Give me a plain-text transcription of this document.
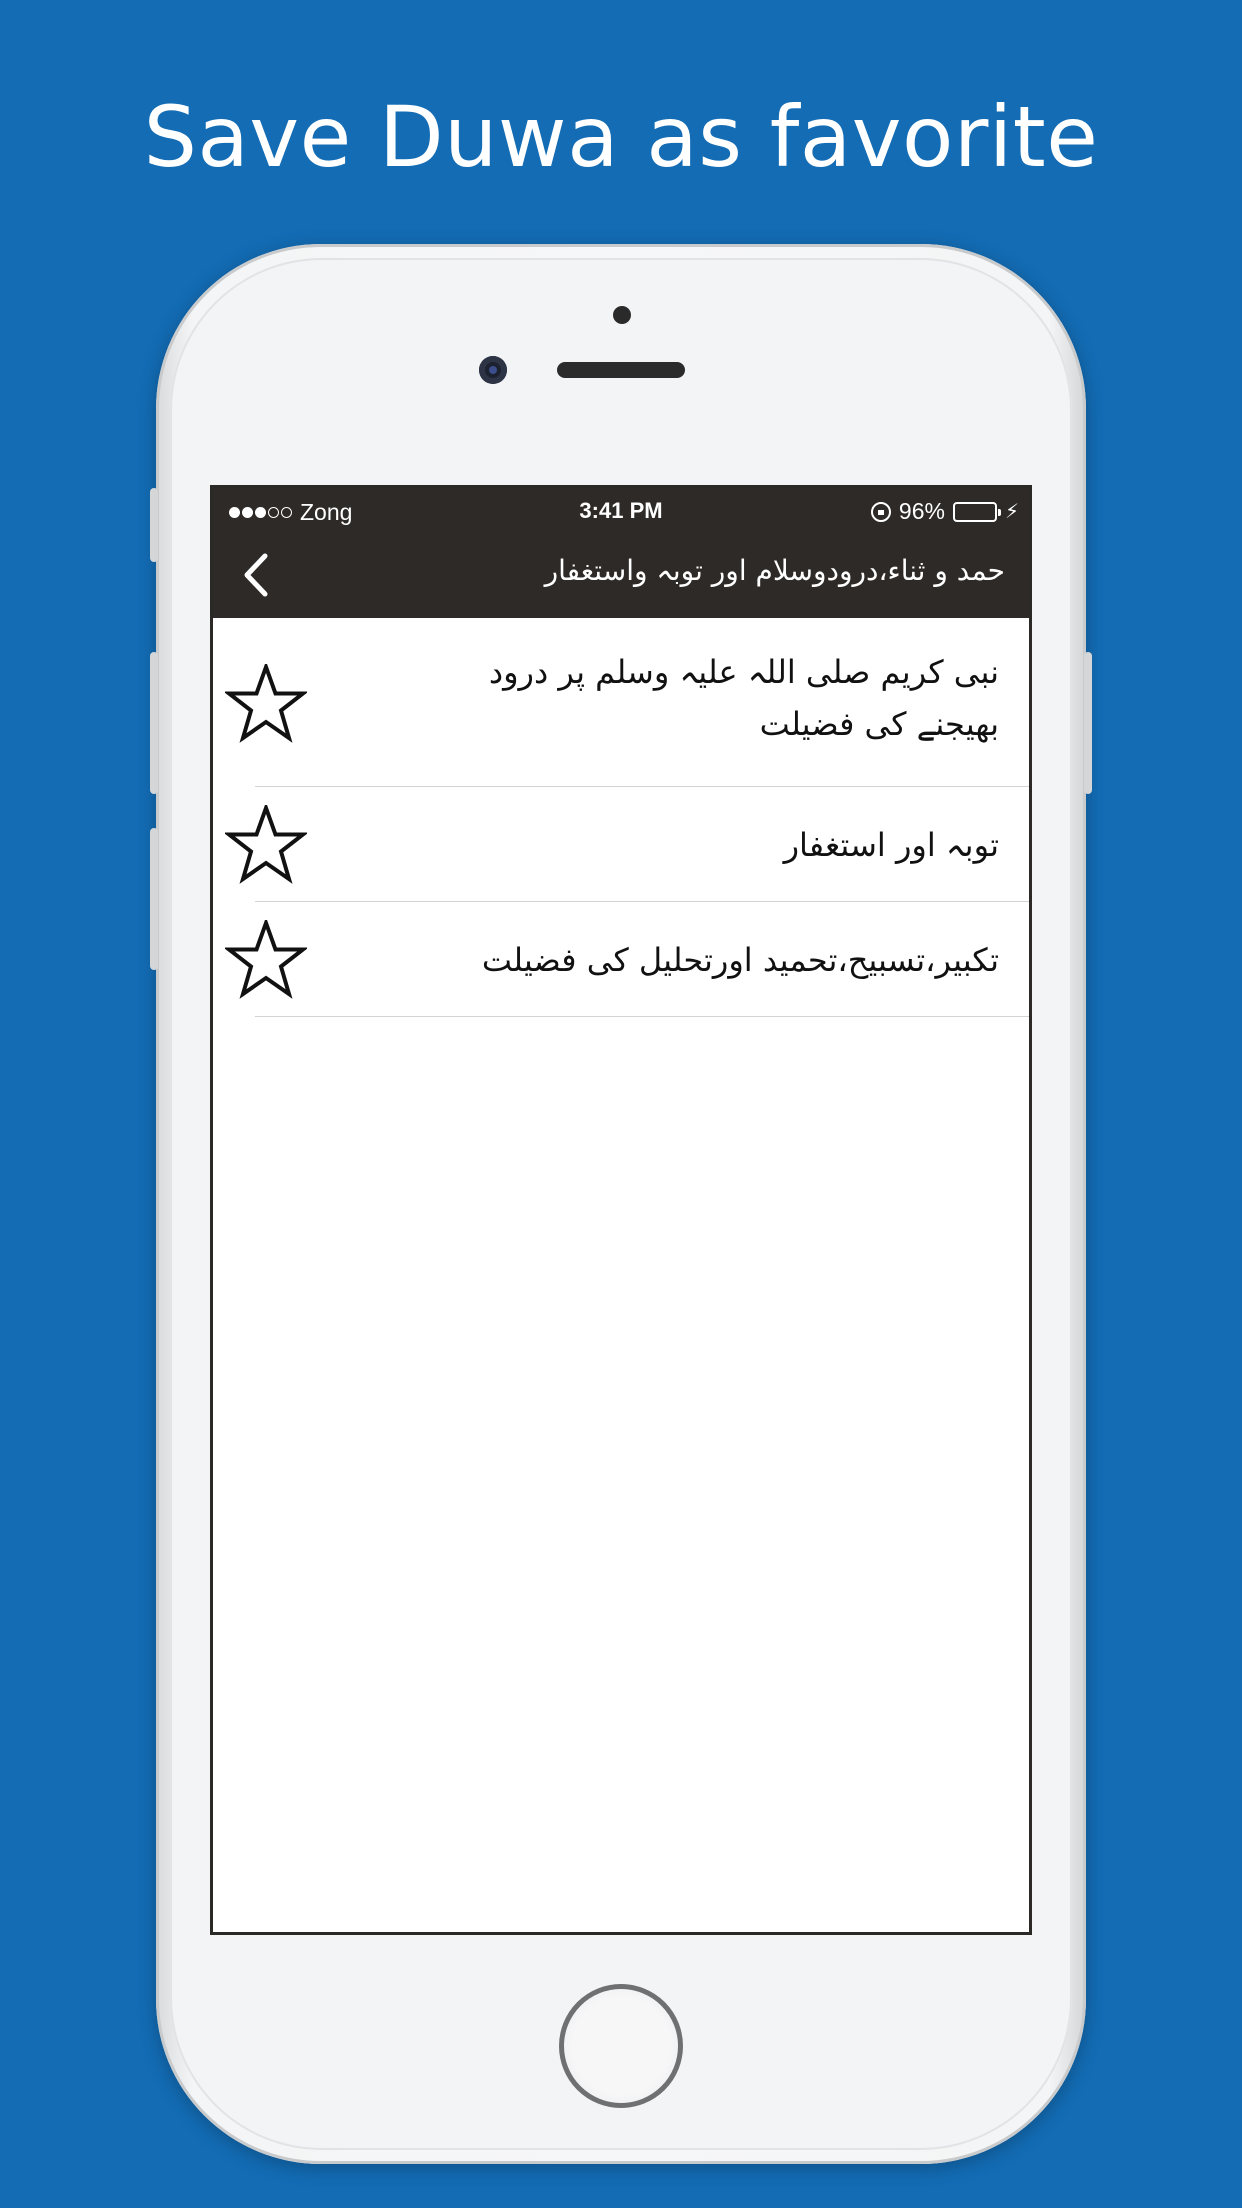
Save Duwa as favorite
Zong	3:41 PM	96%	⚡︎
حمد و ثناء،درودوسلام اور توبہ واستغفار
نبی کریم صلی اللہ علیہ وسلم پر درود بھیجنے کی فضیلت
توبہ اور استغفار
تکبیر،تسبیح،تحمید اورتحلیل کی فضیلت
